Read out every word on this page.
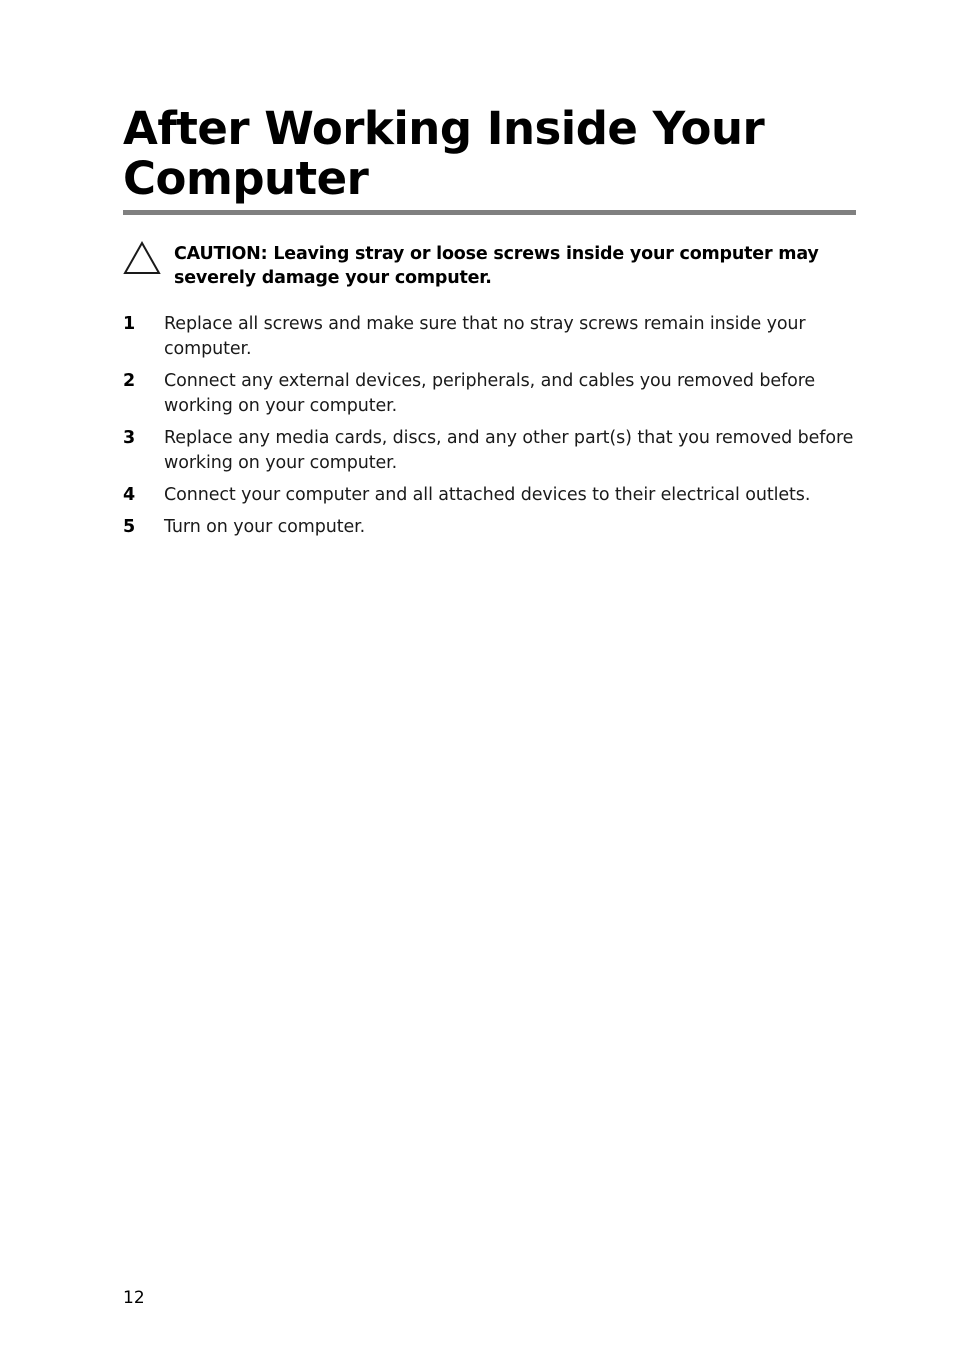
After Working Inside Your Computer

CAUTION: Leaving stray or loose screws inside your computer may severely damage your computer.

1	Replace all screws and make sure that no stray screws remain inside your computer.
2	Connect any external devices, peripherals, and cables you removed before working on your computer.
3	Replace any media cards, discs, and any other part(s) that you removed before working on your computer.
4	Connect your computer and all attached devices to their electrical outlets.
5	Turn on your computer.
12
